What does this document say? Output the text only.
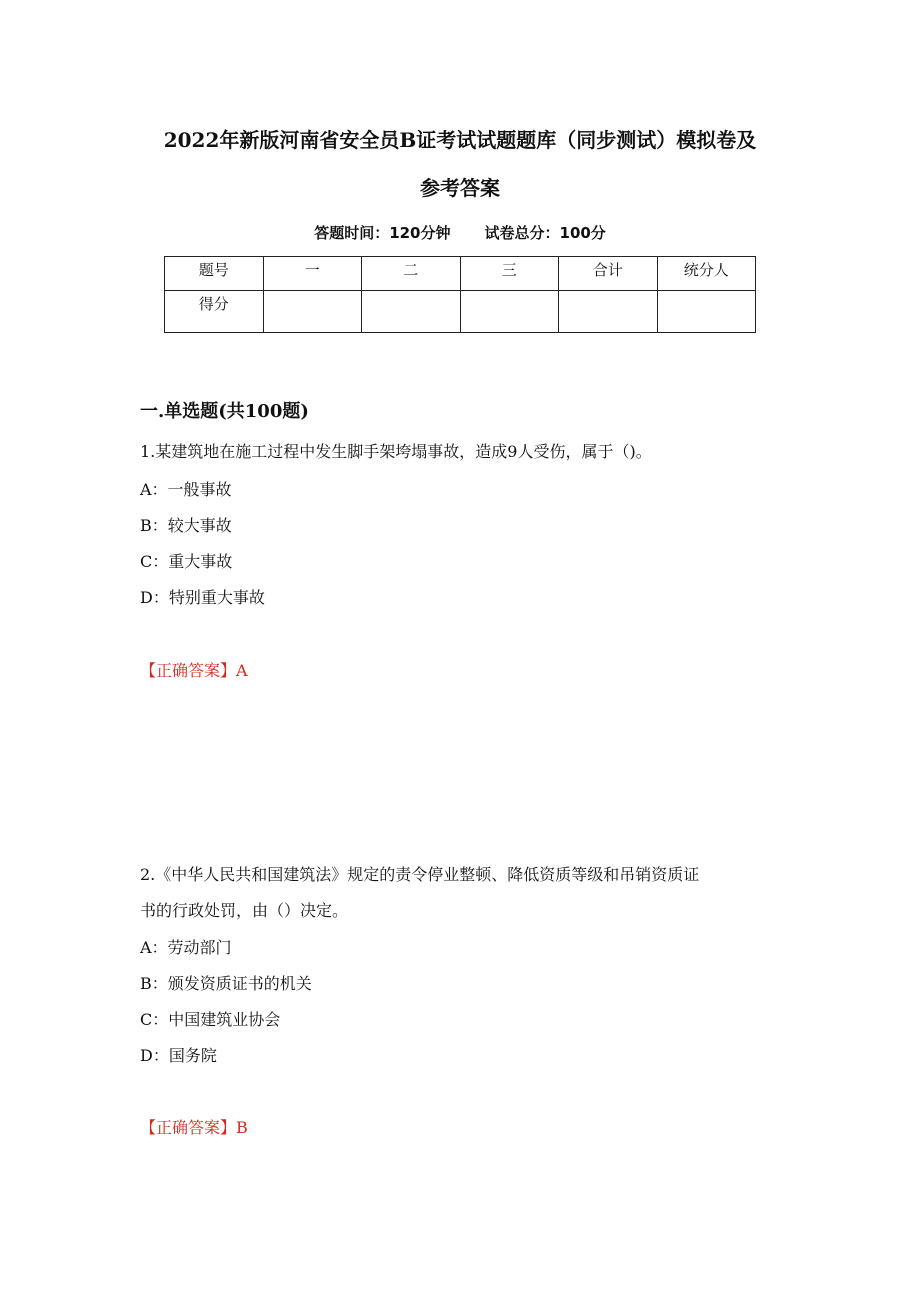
2022年新版河南省安全员B证考试试题题库（同步测试）模拟卷及
参考答案
答题时间：120分钟 试卷总分：100分
题号	一	二	三	合计	统分人
得分					
一.单选题(共100题)
1.某建筑地在施工过程中发生脚手架垮塌事故，造成9人受伤，属于（)。
A：一般事故
B：较大事故
C：重大事故
D：特别重大事故
【正确答案】A
2.《中华人民共和国建筑法》规定的责令停业整顿、降低资质等级和吊销资质证
书的行政处罚，由（）决定。
A：劳动部门
B：颁发资质证书的机关
C：中国建筑业协会
D：国务院
【正确答案】B
